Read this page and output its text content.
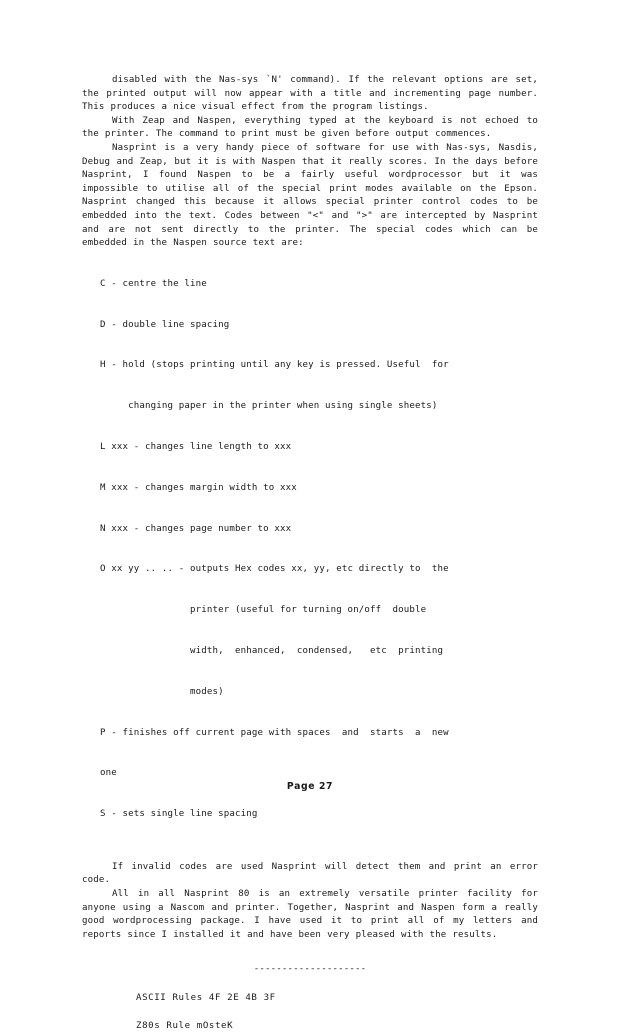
disabled with the Nas-sys `N' command). If the relevant options are set, the printed output will now appear with a title and incrementing page number. This produces a nice visual effect from the program listings.
With Zeap and Naspen, everything typed at the keyboard is not echoed to the printer. The command to print must be given before output commences.
Nasprint is a very handy piece of software for use with Nas-sys, Nasdis, Debug and Zeap, but it is with Naspen that it really scores. In the days before Nasprint, I found Naspen to be a fairly useful wordprocessor but it was impossible to utilise all of the special print modes available on the Epson. Nasprint changed this because it allows special printer control codes to be embedded into the text. Codes between "<" and ">" are intercepted by Nasprint and are not sent directly to the printer. The special codes which can be embedded in the Naspen source text are:

C - centre the line

D - double line spacing

H - hold (stops printing until any key is pressed. Useful  for

changing paper in the printer when using single sheets)

L xxx - changes line length to xxx

M xxx - changes margin width to xxx

N xxx - changes page number to xxx

O xx yy .. .. - outputs Hex codes xx, yy, etc directly to  the

printer (useful for turning on/off  double

width,  enhanced,  condensed,   etc  printing

modes)

P - finishes off current page with spaces  and  starts  a  new

one

S - sets single line spacing

If invalid codes are used Nasprint will detect them and print an error code.
All in all Nasprint 80 is an extremely versatile printer facility for anyone using a Nascom and printer. Together, Nasprint and Naspen form a really good wordprocessing package. I have used it to print all of my letters and reports since I installed it and have been very pleased with the results.
--------------------
ASCII Rules 4F 2E 4B 3F
Z80s Rule mOsteK
Page 27
